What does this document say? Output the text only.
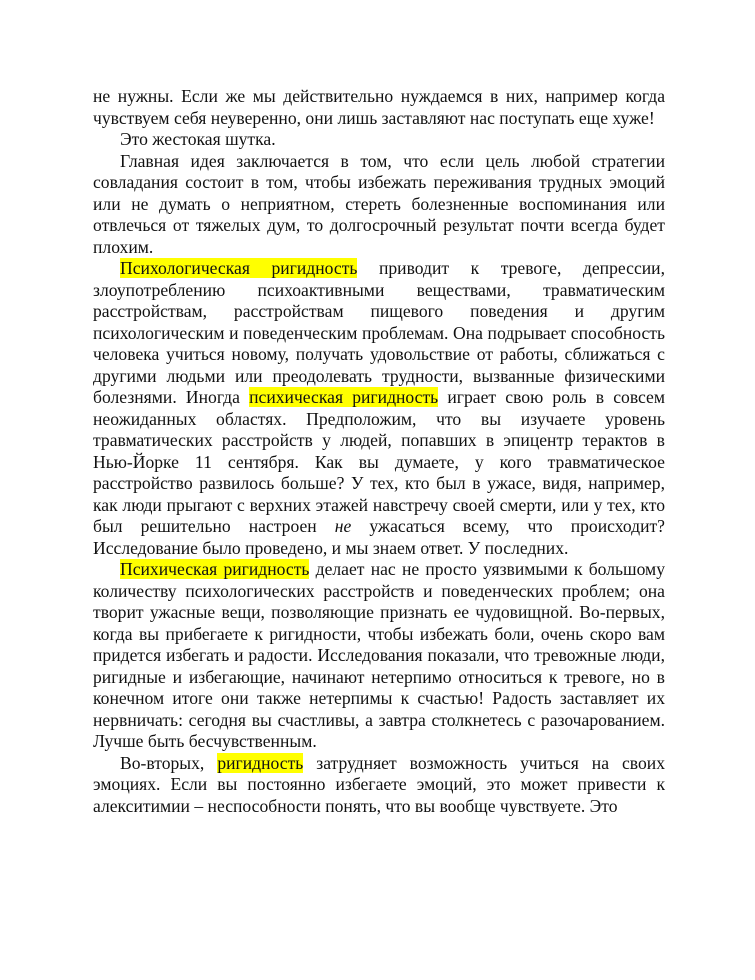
не нужны. Если же мы действительно нуждаемся в них, например когда чувствуем себя неуверенно, они лишь заставляют нас поступать еще хуже!

Это жестокая шутка.

Главная идея заключается в том, что если цель любой стратегии совладания состоит в том, чтобы избежать переживания трудных эмоций или не думать о неприятном, стереть болезненные воспоминания или отвлечься от тяжелых дум, то долгосрочный результат почти всегда будет плохим.

Психологическая ригидность приводит к тревоге, депрессии, злоупотреблению психоактивными веществами, травматическим расстройствам, расстройствам пищевого поведения и другим психологическим и поведенческим проблемам. Она подрывает способность человека учиться новому, получать удовольствие от работы, сближаться с другими людьми или преодолевать трудности, вызванные физическими болезнями. Иногда психическая ригидность играет свою роль в совсем неожиданных областях. Предположим, что вы изучаете уровень травматических расстройств у людей, попавших в эпицентр терактов в Нью-Йорке 11 сентября. Как вы думаете, у кого травматическое расстройство развилось больше? У тех, кто был в ужасе, видя, например, как люди прыгают с верхних этажей навстречу своей смерти, или у тех, кто был решительно настроен не ужасаться всему, что происходит? Исследование было проведено, и мы знаем ответ. У последних.

Психическая ригидность делает нас не просто уязвимыми к большому количеству психологических расстройств и поведенческих проблем; она творит ужасные вещи, позволяющие признать ее чудовищной. Во-первых, когда вы прибегаете к ригидности, чтобы избежать боли, очень скоро вам придется избегать и радости. Исследования показали, что тревожные люди, ригидные и избегающие, начинают нетерпимо относиться к тревоге, но в конечном итоге они также нетерпимы к счастью! Радость заставляет их нервничать: сегодня вы счастливы, а завтра столкнетесь с разочарованием. Лучше быть бесчувственным.

Во-вторых, ригидность затрудняет возможность учиться на своих эмоциях. Если вы постоянно избегаете эмоций, это может привести к алекситимии – неспособности понять, что вы вообще чувствуете. Это
